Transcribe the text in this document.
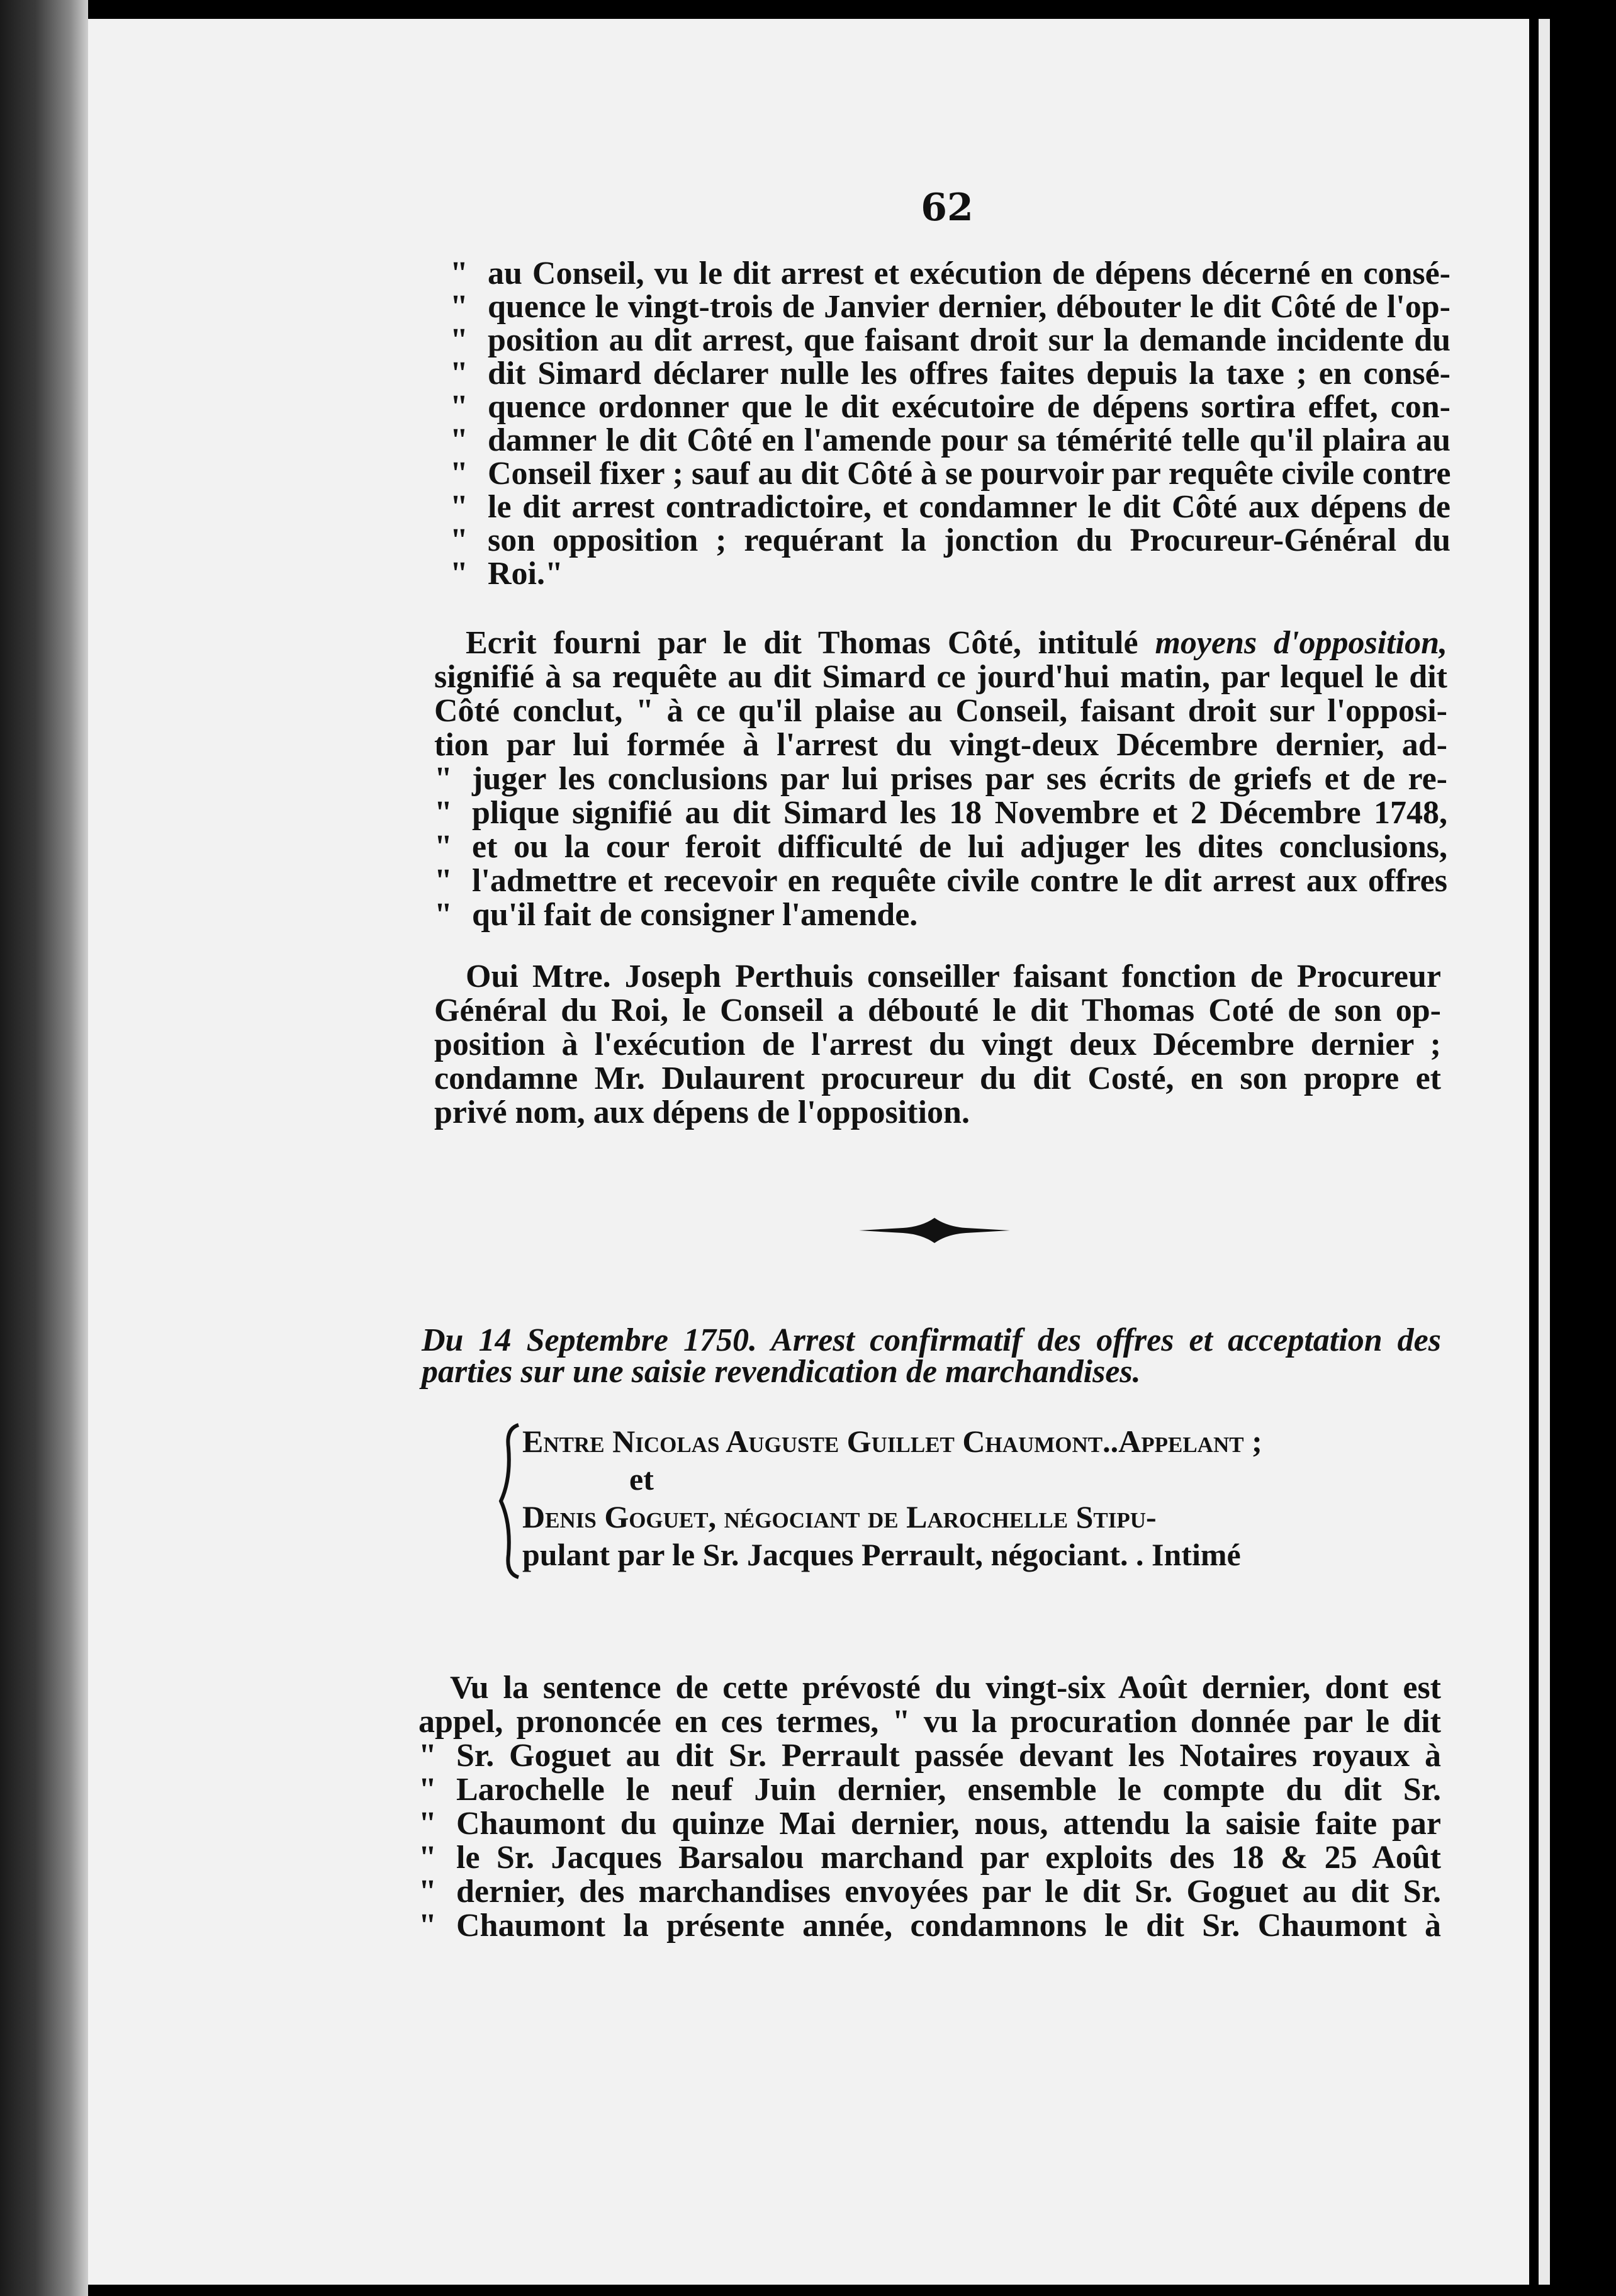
62
" au Conseil, vu le dit arrest et exécution de dépens décerné en consé-
" quence le vingt-trois de Janvier dernier, débouter le dit Côté de l'op-
" position au dit arrest, que faisant droit sur la demande incidente du
" dit Simard déclarer nulle les offres faites depuis la taxe ; en consé-
" quence ordonner que le dit exécutoire de dépens sortira effet, con-
" damner le dit Côté en l'amende pour sa témérité telle qu'il plaira au
" Conseil fixer ; sauf au dit Côté à se pourvoir par requête civile contre
" le dit arrest contradictoire, et condamner le dit Côté aux dépens de
" son opposition ; requérant la jonction du Procureur-Général du
" Roi."
Ecrit fourni par le dit Thomas Côté, intitulé moyens d'opposition,
signifié à sa requête au dit Simard ce jourd'hui matin, par lequel le dit
Côté conclut, " à ce qu'il plaise au Conseil, faisant droit sur l'opposi-
tion par lui formée à l'arrest du vingt-deux Décembre dernier, ad-
" juger les conclusions par lui prises par ses écrits de griefs et de re-
" plique signifié au dit Simard les 18 Novembre et 2 Décembre 1748,
" et ou la cour feroit difficulté de lui adjuger les dites conclusions,
" l'admettre et recevoir en requête civile contre le dit arrest aux offres
" qu'il fait de consigner l'amende.
Oui Mtre. Joseph Perthuis conseiller faisant fonction de Procureur
Général du Roi, le Conseil a débouté le dit Thomas Coté de son op-
position à l'exécution de l'arrest du vingt deux Décembre dernier ;
condamne Mr. Dulaurent procureur du dit Costé, en son propre et
privé nom, aux dépens de l'opposition.
Du 14 Septembre 1750. Arrest confirmatif des offres et acceptation des
parties sur une saisie revendication de marchandises.
Entre Nicolas Auguste Guillet Chaumont..Appelant ;
et
Denis Goguet, négociant de Larochelle Stipu-
pulant par le Sr. Jacques Perrault, négociant. . Intimé
Vu la sentence de cette prévosté du vingt-six Août dernier, dont est
appel, prononcée en ces termes, " vu la procuration donnée par le dit
" Sr. Goguet au dit Sr. Perrault passée devant les Notaires royaux à
" Larochelle le neuf Juin dernier, ensemble le compte du dit Sr.
" Chaumont du quinze Mai dernier, nous, attendu la saisie faite par
" le Sr. Jacques Barsalou marchand par exploits des 18 & 25 Août
" dernier, des marchandises envoyées par le dit Sr. Goguet au dit Sr.
" Chaumont la présente année, condamnons le dit Sr. Chaumont à
